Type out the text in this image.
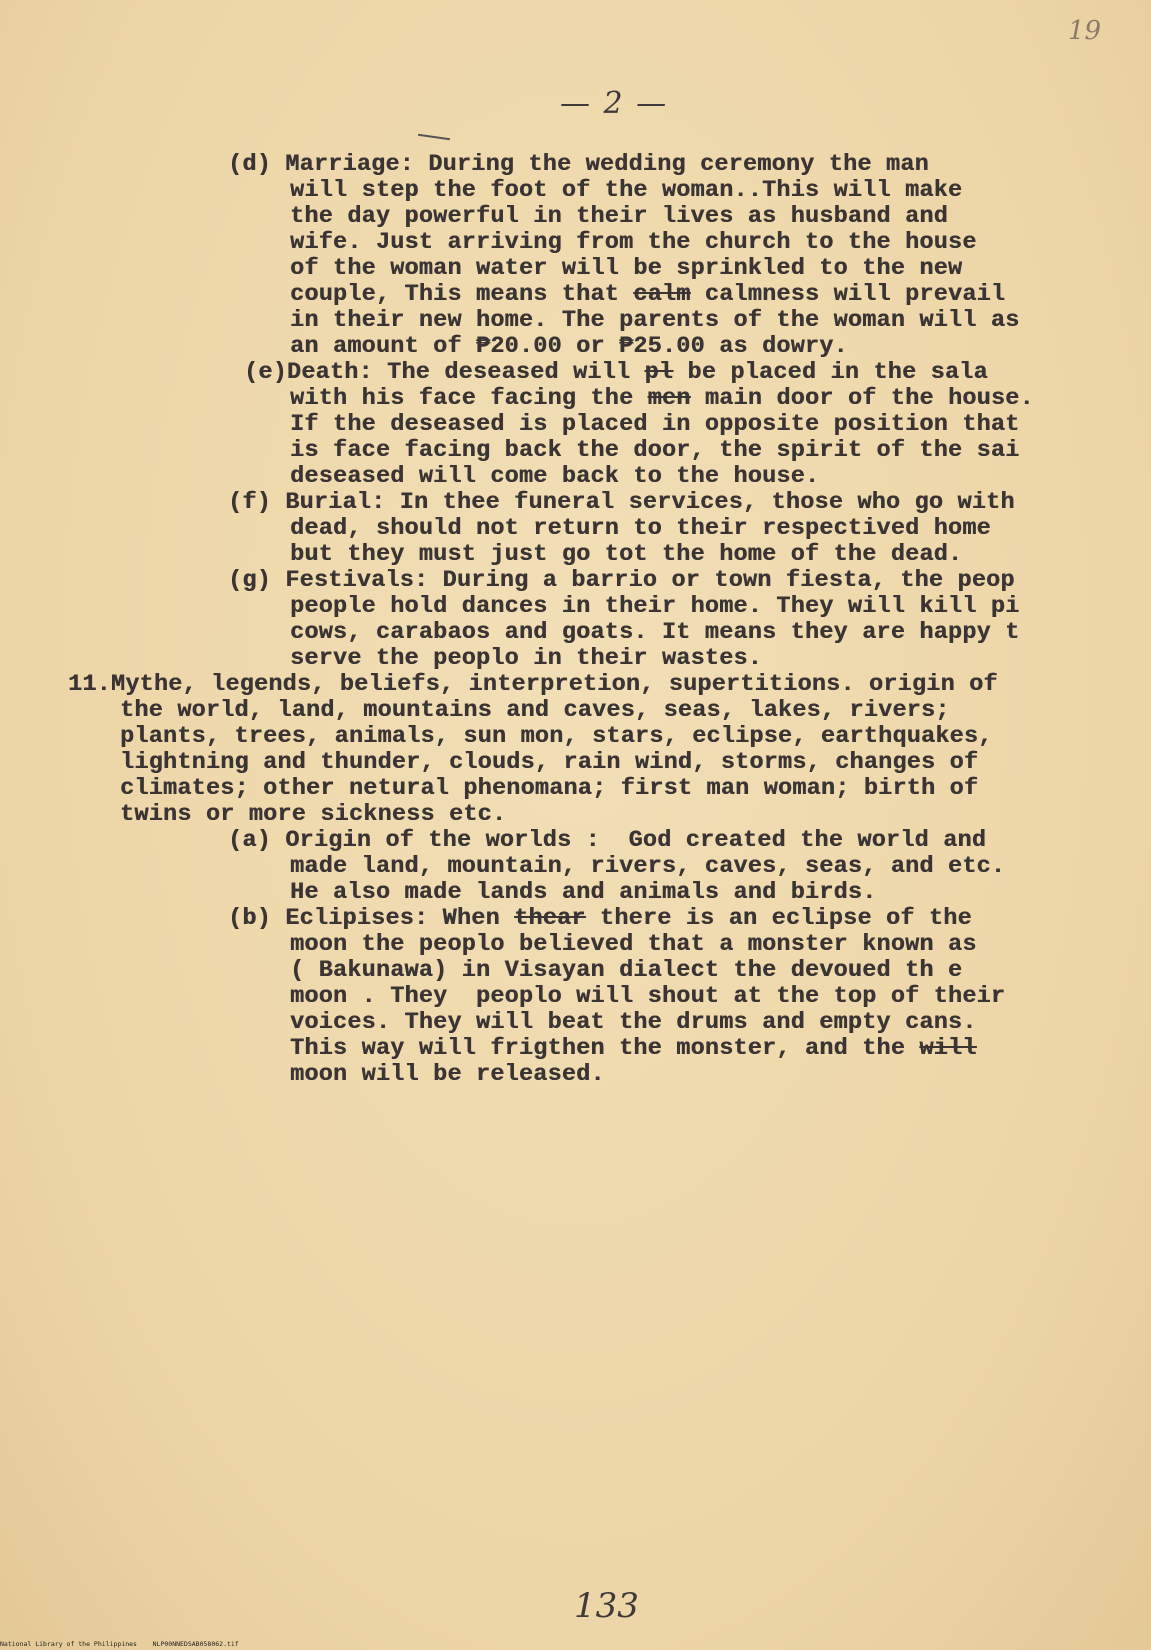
19
— 2 —
(d) Marriage: During the wedding ceremony the man
will step the foot of the woman..This will make
the day powerful in their lives as husband and
wife. Just arriving from the church to the house
of the woman water will be sprinkled to the new
couple, This means that calm calmness will prevail
in their new home. The parents of the woman will as
an amount of ₱20.00 or ₱25.00 as dowry.
(e)Death: The deseased will pl be placed in the sala
with his face facing the men main door of the house.
If the deseased is placed in opposite position that
is face facing back the door, the spirit of the sai
deseased will come back to the house.
(f) Burial: In thee funeral services, those who go with
dead, should not return to their respectived home
but they must just go tot the home of the dead.
(g) Festivals: During a barrio or town fiesta, the peop
people hold dances in their home. They will kill pi
cows, carabaos and goats. It means they are happy t
serve the peoplo in their wastes.
11.Mythe, legends, beliefs, interpretion, supertitions. origin of
the world, land, mountains and caves, seas, lakes, rivers;
plants, trees, animals, sun mon, stars, eclipse, earthquakes,
lightning and thunder, clouds, rain wind, storms, changes of
climates; other netural phenomana; first man woman; birth of
twins or more sickness etc.
(a) Origin of the worlds :  God created the world and
made land, mountain, rivers, caves, seas, and etc.
He also made lands and animals and birds.
(b) Eclipises: When thear there is an eclipse of the
moon the peoplo believed that a monster known as
( Bakunawa) in Visayan dialect the devoued th e
moon . They  peoplo will shout at the top of their
voices. They will beat the drums and empty cans.
This way will frigthen the monster, and the will
moon will be released.
133
National Library of the Philippines NLP00NNEDSAB058062.tif
